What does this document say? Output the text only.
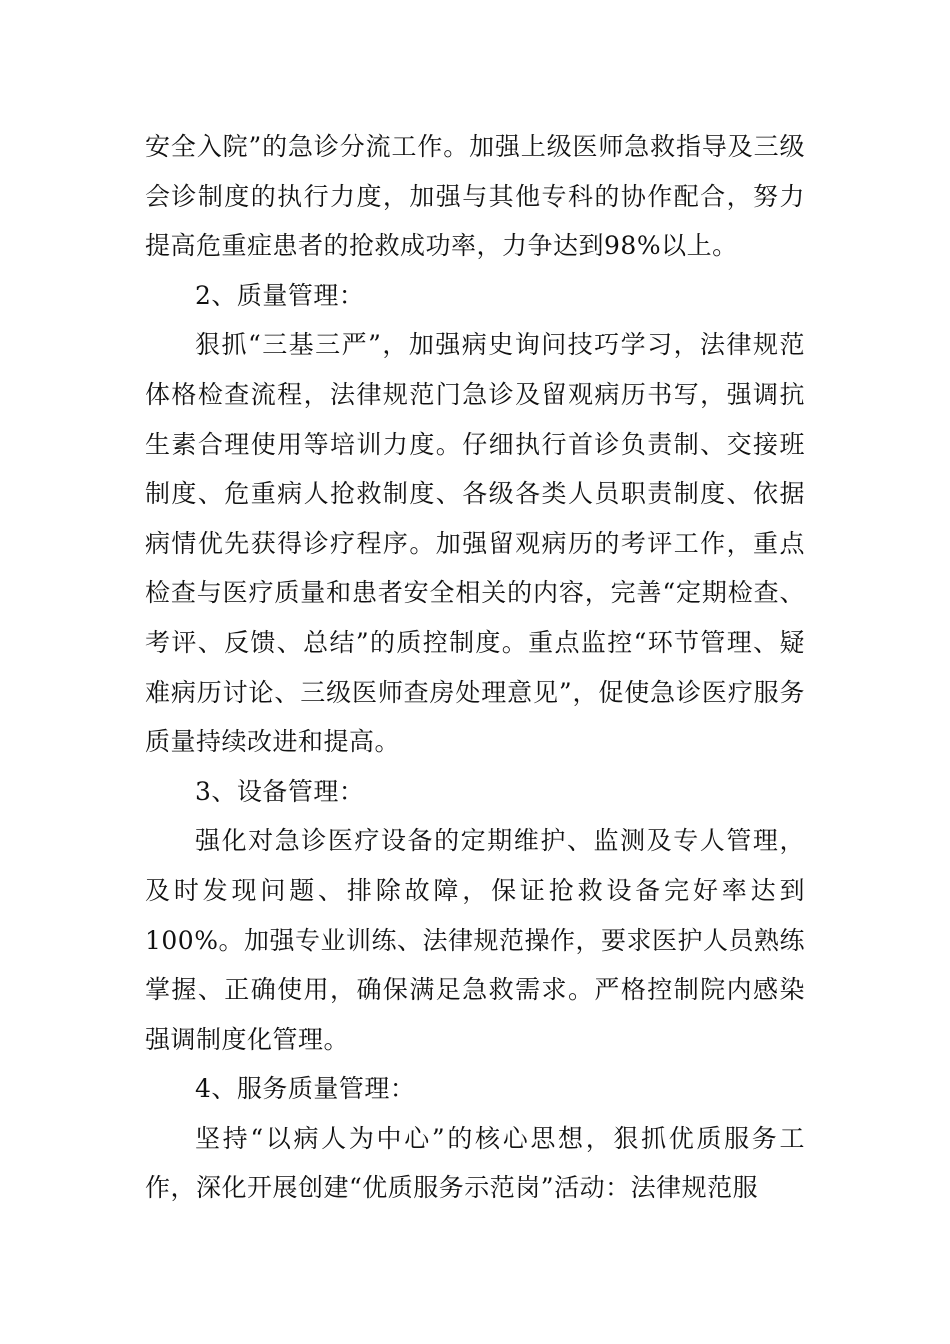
安全入院”的急诊分流工作。加强上级医师急救指导及三级会诊制度的执行力度，加强与其他专科的协作配合，努力提高危重症患者的抢救成功率，力争达到98%以上。

2、质量管理：

狠抓“三基三严”，加强病史询问技巧学习，法律规范体格检查流程，法律规范门急诊及留观病历书写，强调抗生素合理使用等培训力度。仔细执行首诊负责制、交接班制度、危重病人抢救制度、各级各类人员职责制度、依据病情优先获得诊疗程序。加强留观病历的考评工作，重点检查与医疗质量和患者安全相关的内容，完善“定期检查、考评、反馈、总结”的质控制度。重点监控“环节管理、疑难病历讨论、三级医师查房处理意见”，促使急诊医疗服务质量持续改进和提高。

3、设备管理：

强化对急诊医疗设备的定期维护、监测及专人管理，及时发现问题、排除故障，保证抢救设备完好率达到100%。加强专业训练、法律规范操作，要求医护人员熟练掌握、正确使用，确保满足急救需求。严格控制院内感染强调制度化管理。

4、服务质量管理：

坚持“以病人为中心”的核心思想，狠抓优质服务工作，深化开展创建“优质服务示范岗”活动：法律规范服
